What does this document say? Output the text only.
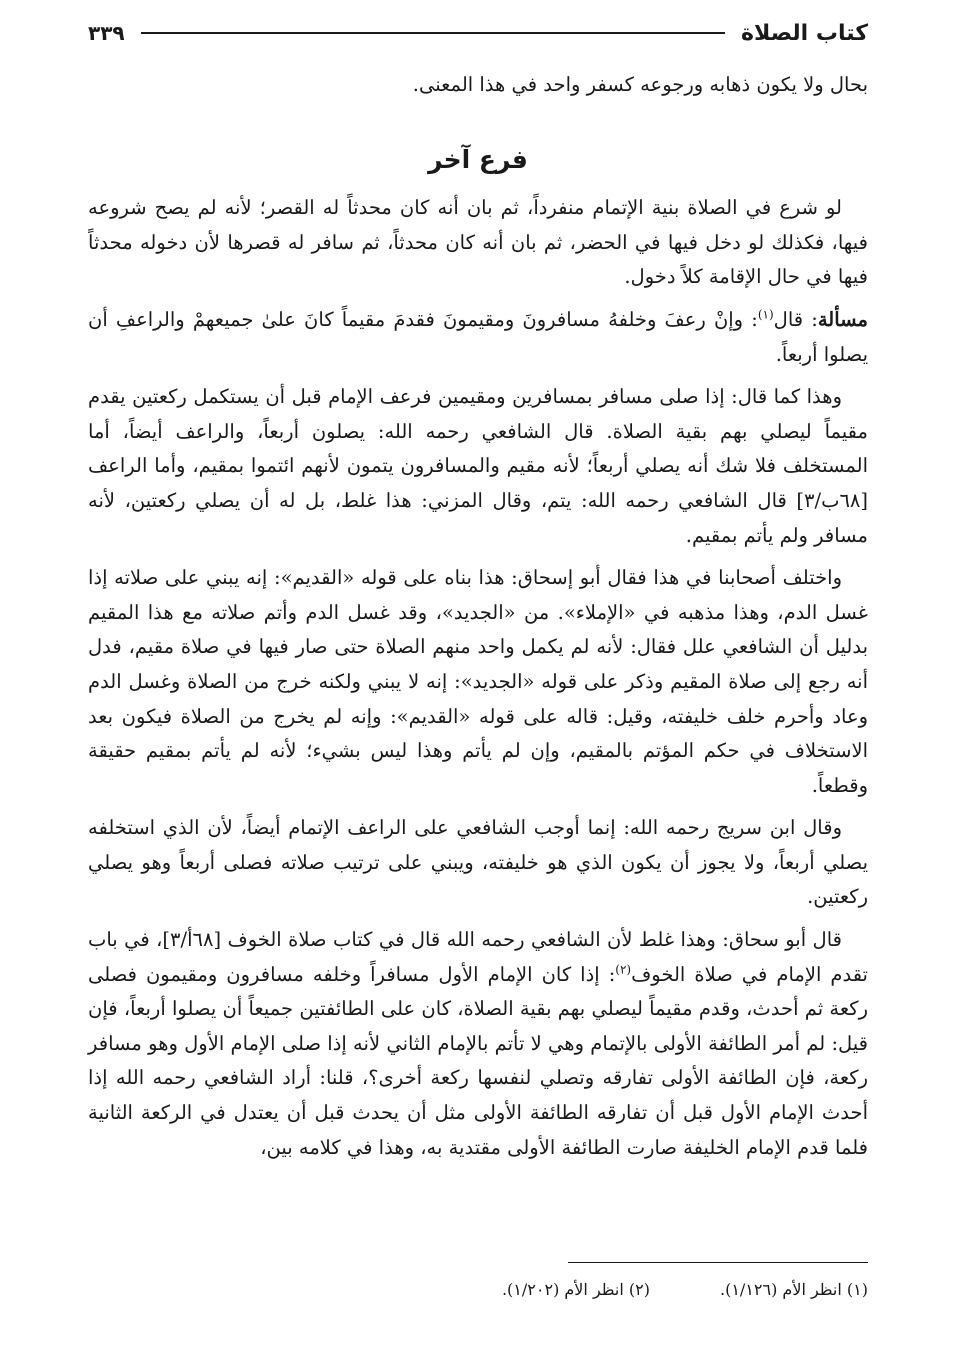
كتاب الصلاة
٣٣٩

بحال ولا يكون ذهابه ورجوعه كسفر واحد في هذا المعنى.

فرع آخر

لو شرع في الصلاة بنية الإتمام منفرداً، ثم بان أنه كان محدثاً له القصر؛ لأنه لم يصح شروعه فيها، فكذلك لو دخل فيها في الحضر، ثم بان أنه كان محدثاً، ثم سافر له قصرها لأن دخوله محدثاً فيها في حال الإقامة كلاً دخول.

مسألة: قال$^{(١)}$: وإنْ رعفَ وخلفهُ مسافرونَ ومقيمونَ فقدمَ مقيماً كانَ علىٰ جميعهمْ والراعفِ أن يصلوا أربعاً.

وهذا كما قال: إذا صلى مسافر بمسافرين ومقيمين فرعف الإمام قبل أن يستكمل ركعتين يقدم مقيماً ليصلي بهم بقية الصلاة. قال الشافعي رحمه الله: يصلون أربعاً، والراعف أيضاً، أما المستخلف فلا شك أنه يصلي أربعاً؛ لأنه مقيم والمسافرون يتمون لأنهم ائتموا بمقيم، وأما الراعف [٦٨ب/٣] قال الشافعي رحمه الله: يتم، وقال المزني: هذا غلط، بل له أن يصلي ركعتين، لأنه مسافر ولم يأتم بمقيم.

واختلف أصحابنا في هذا فقال أبو إسحاق: هذا بناه على قوله «القديم»: إنه يبني على صلاته إذا غسل الدم، وهذا مذهبه في «الإملاء». من «الجديد»، وقد غسل الدم وأتم صلاته مع هذا المقيم بدليل أن الشافعي علل فقال: لأنه لم يكمل واحد منهم الصلاة حتى صار فيها في صلاة مقيم، فدل أنه رجع إلى صلاة المقيم وذكر على قوله «الجديد»: إنه لا يبني ولكنه خرج من الصلاة وغسل الدم وعاد وأحرم خلف خليفته، وقيل: قاله على قوله «القديم»: وإنه لم يخرج من الصلاة فيكون بعد الاستخلاف في حكم المؤتم بالمقيم، وإن لم يأتم وهذا ليس بشيء؛ لأنه لم يأتم بمقيم حقيقة وقطعاً.

وقال ابن سريج رحمه الله: إنما أوجب الشافعي على الراعف الإتمام أيضاً، لأن الذي استخلفه يصلي أربعاً، ولا يجوز أن يكون الذي هو خليفته، ويبني على ترتيب صلاته فصلى أربعاً وهو يصلي ركعتين.

قال أبو سحاق: وهذا غلط لأن الشافعي رحمه الله قال في كتاب صلاة الخوف [٦٨أ/٣]، في باب تقدم الإمام في صلاة الخوف$^{(٢)}$: إذا كان الإمام الأول مسافراً وخلفه مسافرون ومقيمون فصلى ركعة ثم أحدث، وقدم مقيماً ليصلي بهم بقية الصلاة، كان على الطائفتين جميعاً أن يصلوا أربعاً، فإن قيل: لم أمر الطائفة الأولى بالإتمام وهي لا تأتم بالإمام الثاني لأنه إذا صلى الإمام الأول وهو مسافر ركعة، فإن الطائفة الأولى تفارقه وتصلي لنفسها ركعة أخرى؟، قلنا: أراد الشافعي رحمه الله إذا أحدث الإمام الأول قبل أن تفارقه الطائفة الأولى مثل أن يحدث قبل أن يعتدل في الركعة الثانية فلما قدم الإمام الخليفة صارت الطائفة الأولى مقتدية به، وهذا في كلامه بين،

(١) انظر الأم (١/١٢٦).
(٢) انظر الأم (١/٢٠٢).
